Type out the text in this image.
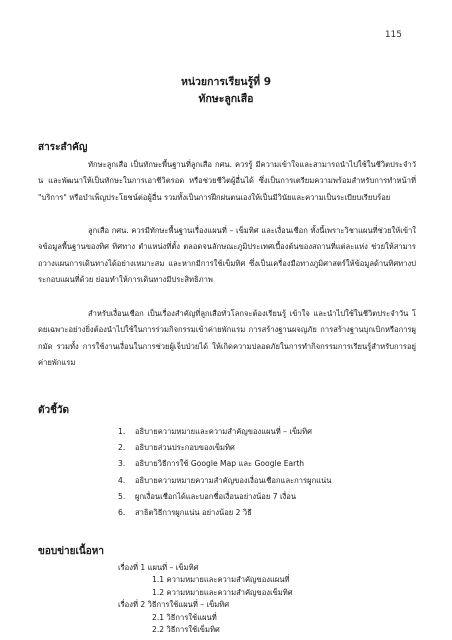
115
หน่วยการเรียนรู้ที่ 9
ทักษะลูกเสือ
สาระสำคัญ
ทักษะลูกเสือ เป็นทักษะพื้นฐานที่ลูกเสือ กศน. ควรรู้ มีความเข้าใจและสามารถนำไปใช้ในชีวิตประจำวัน และพัฒนาให้เป็นทักษะในการเอาชีวิตรอด หรือช่วยชีวิตผู้อื่นได้ ซึ่งเป็นการเตรียมความพร้อมสำหรับการทำหน้าที่ "บริการ" หรือบำเพ็ญประโยชน์ต่อผู้อื่น รวมทั้งเป็นการฝึกฝนตนเองให้เป็นมีวินัยและความเป็นระเบียบเรียบร้อย
ลูกเสือ กศน. ควรมีทักษะพื้นฐานเรื่องแผนที่ – เข็มทิศ และเงื่อนเชือก ทั้งนี้เพราะวิชาแผนที่ช่วยให้เข้าใจข้อมูลพื้นฐานของทิศ ทิศทาง ตำแหน่งที่ตั้ง ตลอดจนลักษณะภูมิประเทศเบื้องต้นของสถานที่แต่ละแห่ง ช่วยให้สามารถวางแผนการเดินทางได้อย่างเหมาะสม และหากมีการใช้เข็มทิศ ซึ่งเป็นเครื่องมือทางภูมิศาสตร์ให้ข้อมูลด้านทิศทางประกอบแผนที่ด้วย ย่อมทำให้การเดินทางมีประสิทธิภาพ
สำหรับเงื่อนเชือก เป็นเรื่องสำคัญที่ลูกเสือทั่วโลกจะต้องเรียนรู้ เข้าใจ และนำไปใช้ในชีวิตประจำวัน โดยเฉพาะอย่างยิ่งต้องนำไปใช้ในการร่วมกิจกรรมเข้าค่ายพักแรม การสร้างฐานผจญภัย การสร้างฐานบุกเบิกหรือการผูกมัด รวมทั้ง การใช้งานเงื่อนในการช่วยผู้เจ็บป่วยได้ ให้เกิดความปลอดภัยในการทำกิจกรรมการเรียนรู้สำหรับการอยู่ค่ายพักแรม
ตัวชี้วัด
1. อธิบายความหมายและความสำคัญของแผนที่ – เข็มทิศ
2. อธิบายส่วนประกอบของเข็มทิศ
3. อธิบายวิธีการใช้ Google Map และ Google Earth
4. อธิบายความหมายความสำคัญของเงื่อนเชือกและการผูกแน่น
5. ผูกเงื่อนเชือกได้และบอกชื่อเงื่อนอย่างน้อย 7 เงื่อน
6. สาธิตวิธีการผูกแน่น อย่างน้อย 2 วิธี
ขอบข่ายเนื้อหา
เรื่องที่ 1 แผนที่ – เข็มทิศ
1.1 ความหมายและความสำคัญของแผนที่
1.2 ความหมายและความสำคัญของเข็มทิศ
เรื่องที่ 2 วิธีการใช้แผนที่ – เข็มทิศ
2.1 วิธีการใช้แผนที่
2.2 วิธีการใช้เข็มทิศ
